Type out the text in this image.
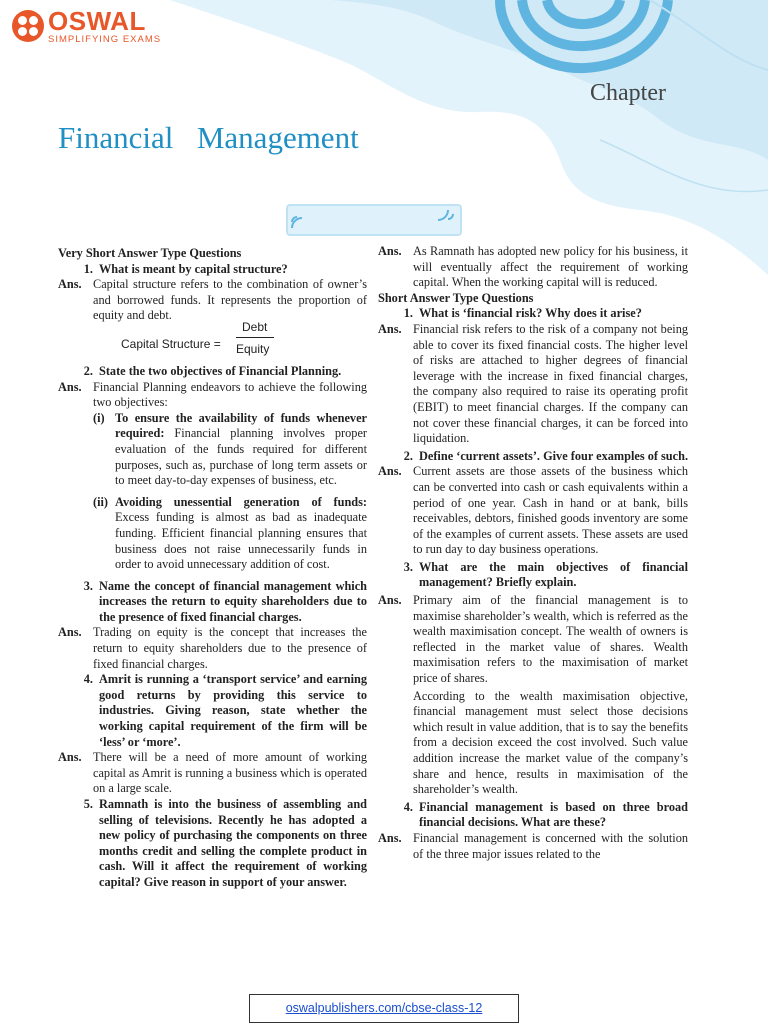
OSWAL
SIMPLIFYING EXAMS
Chapter
Financial  Management

Very Short Answer Type Questions

1. What is meant by capital structure?
Ans. Capital structure refers to the combination of owner’s and borrowed funds. It represents the proportion of equity and debt.
Capital Structure =
Debt
Equity
2. State the two objectives of Financial Planning.
Ans. Financial Planning endeavors to achieve the following two objectives:
(i) To ensure the availability of funds whenever required: Financial planning involves proper evaluation of the funds required for different purposes, such as, purchase of long term assets or to meet day-to-day expenses of business, etc.
(ii) Avoiding unessential generation of funds: Excess funding is almost as bad as inadequate funding. Efficient financial planning ensures that business does not raise unnecessarily funds in order to avoid unnecessary addition of cost.
3. Name the concept of financial management which increases the return to equity shareholders due to the presence of fixed financial charges.
Ans. Trading on equity is the concept that increases the return to equity shareholders due to the presence of fixed financial charges.
4. Amrit is running a ‘transport service’ and earning good returns by providing this service to industries. Giving reason, state whether the working capital requirement of the firm will be ‘less’ or ‘more’.
Ans. There will be a need of more amount of working capital as Amrit is running a business which is operated on a large scale.
5. Ramnath is into the business of assembling and selling of televisions. Recently he has adopted a new policy of purchasing the components on three months credit and selling the complete product in cash. Will it affect the requirement of working capital? Give reason in support of your answer.
Ans. As Ramnath has adopted new policy for his business, it will eventually affect the requirement of working capital. When the working capital will is reduced.

Short Answer Type Questions

1. What is ‘financial risk? Why does it arise?
Ans. Financial risk refers to the risk of a company not being able to cover its fixed financial costs. The higher level of risks are attached to higher degrees of financial leverage with the increase in fixed financial charges, the company also required to raise its operating profit (EBIT) to meet financial charges. If the company can not cover these financial charges, it can be forced into liquidation.
2. Define ‘current assets’. Give four examples of such.
Ans. Current assets are those assets of the business which can be converted into cash or cash equivalents within a period of one year. Cash in hand or at bank, bills receivables, debtors, finished goods inventory are some of the examples of current assets. These assets are used to run day to day business operations.
3. What are the main objectives of financial management? Briefly explain.
Ans. Primary aim of the financial management is to maximise shareholder’s wealth, which is referred as the wealth maximisation concept. The wealth of owners is reflected in the market value of shares. Wealth maximisation refers to the maximisation of market price of shares.

According to the wealth maximisation objective, financial management must select those decisions which result in value addition, that is to say the benefits from a decision exceed the cost involved. Such value addition increase the market value of the company’s share and hence, results in maximisation of the shareholder’s wealth.

4. Financial management is based on three broad financial decisions. What are these?
Ans. Financial management is concerned with the solution of the three major issues related to the
oswalpublishers.com/cbse-class-12
